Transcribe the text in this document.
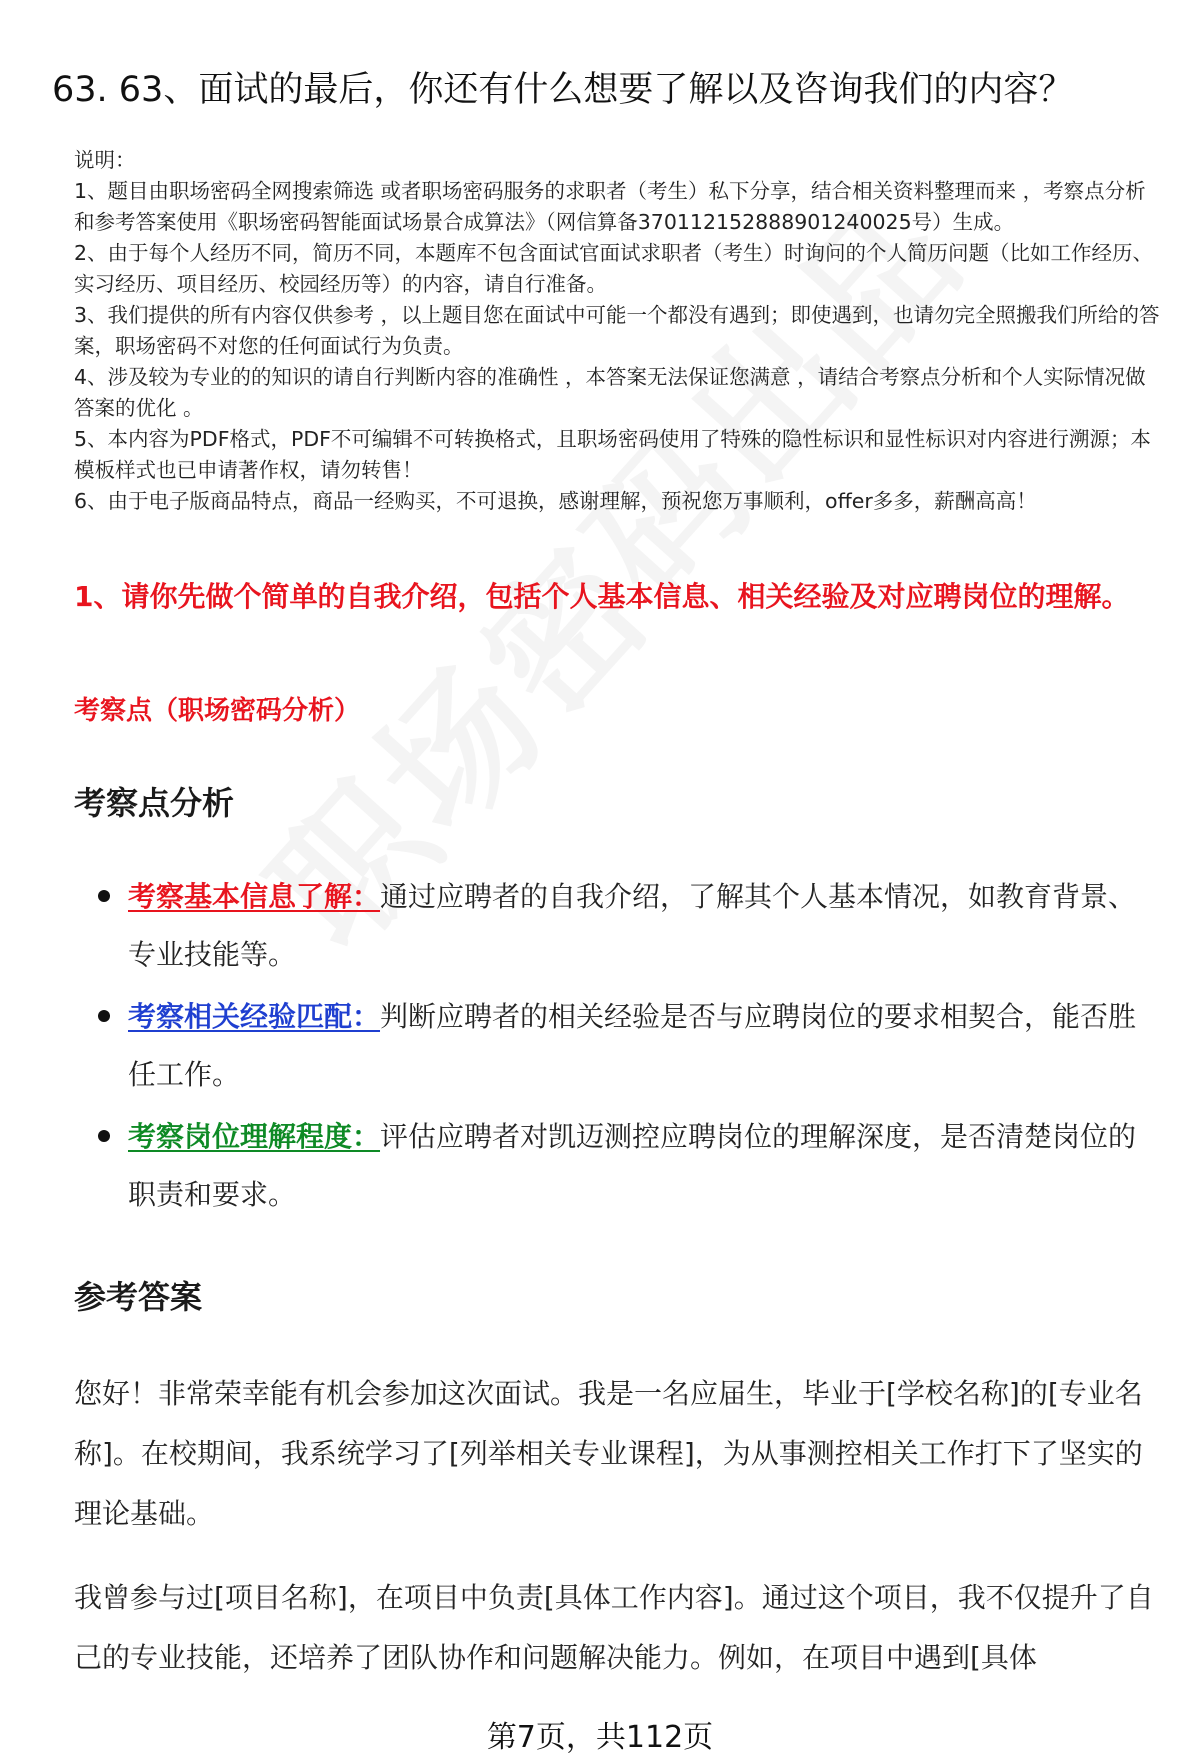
63. 63、面试的最后，你还有什么想要了解以及咨询我们的内容？

说明：

1、题目由职场密码全网搜索筛选 或者职场密码服务的求职者（考生）私下分享，结合相关资料整理而来 ，考察点分析和参考答案使用《职场密码智能面试场景合成算法》（网信算备370112152888901240025号）生成。

2、由于每个人经历不同，简历不同，本题库不包含面试官面试求职者（考生）时询问的个人简历问题（比如工作经历、实习经历、项目经历、校园经历等）的内容，请自行准备。

3、我们提供的所有内容仅供参考 ，以上题目您在面试中可能一个都没有遇到；即使遇到，也请勿完全照搬我们所给的答案，职场密码不对您的任何面试行为负责。

4、涉及较为专业的的知识的请自行判断内容的准确性 ，本答案无法保证您满意 ，请结合考察点分析和个人实际情况做答案的优化 。

5、本内容为PDF格式，PDF不可编辑不可转换格式，且职场密码使用了特殊的隐性标识和显性标识对内容进行溯源；本模板样式也已申请著作权，请勿转售！

6、由于电子版商品特点，商品一经购买，不可退换，感谢理解，预祝您万事顺利，offer多多，薪酬高高！

1、请你先做个简单的自我介绍，包括个人基本信息、相关经验及对应聘岗位的理解。
考察点（职场密码分析）
考察点分析
考察基本信息了解：通过应聘者的自我介绍，了解其个人基本情况，如教育背景、专业技能等。
考察相关经验匹配：判断应聘者的相关经验是否与应聘岗位的要求相契合，能否胜任工作。
考察岗位理解程度：评估应聘者对凯迈测控应聘岗位的理解深度，是否清楚岗位的职责和要求。
参考答案

您好！非常荣幸能有机会参加这次面试。我是一名应届生，毕业于[学校名称]的[专业名称]。在校期间，我系统学习了[列举相关专业课程]，为从事测控相关工作打下了坚实的理论基础。

我曾参与过[项目名称]，在项目中负责[具体工作内容]。通过这个项目，我不仅提升了自己的专业技能，还培养了团队协作和问题解决能力。例如，在项目中遇到[具体

第7页，共112页
